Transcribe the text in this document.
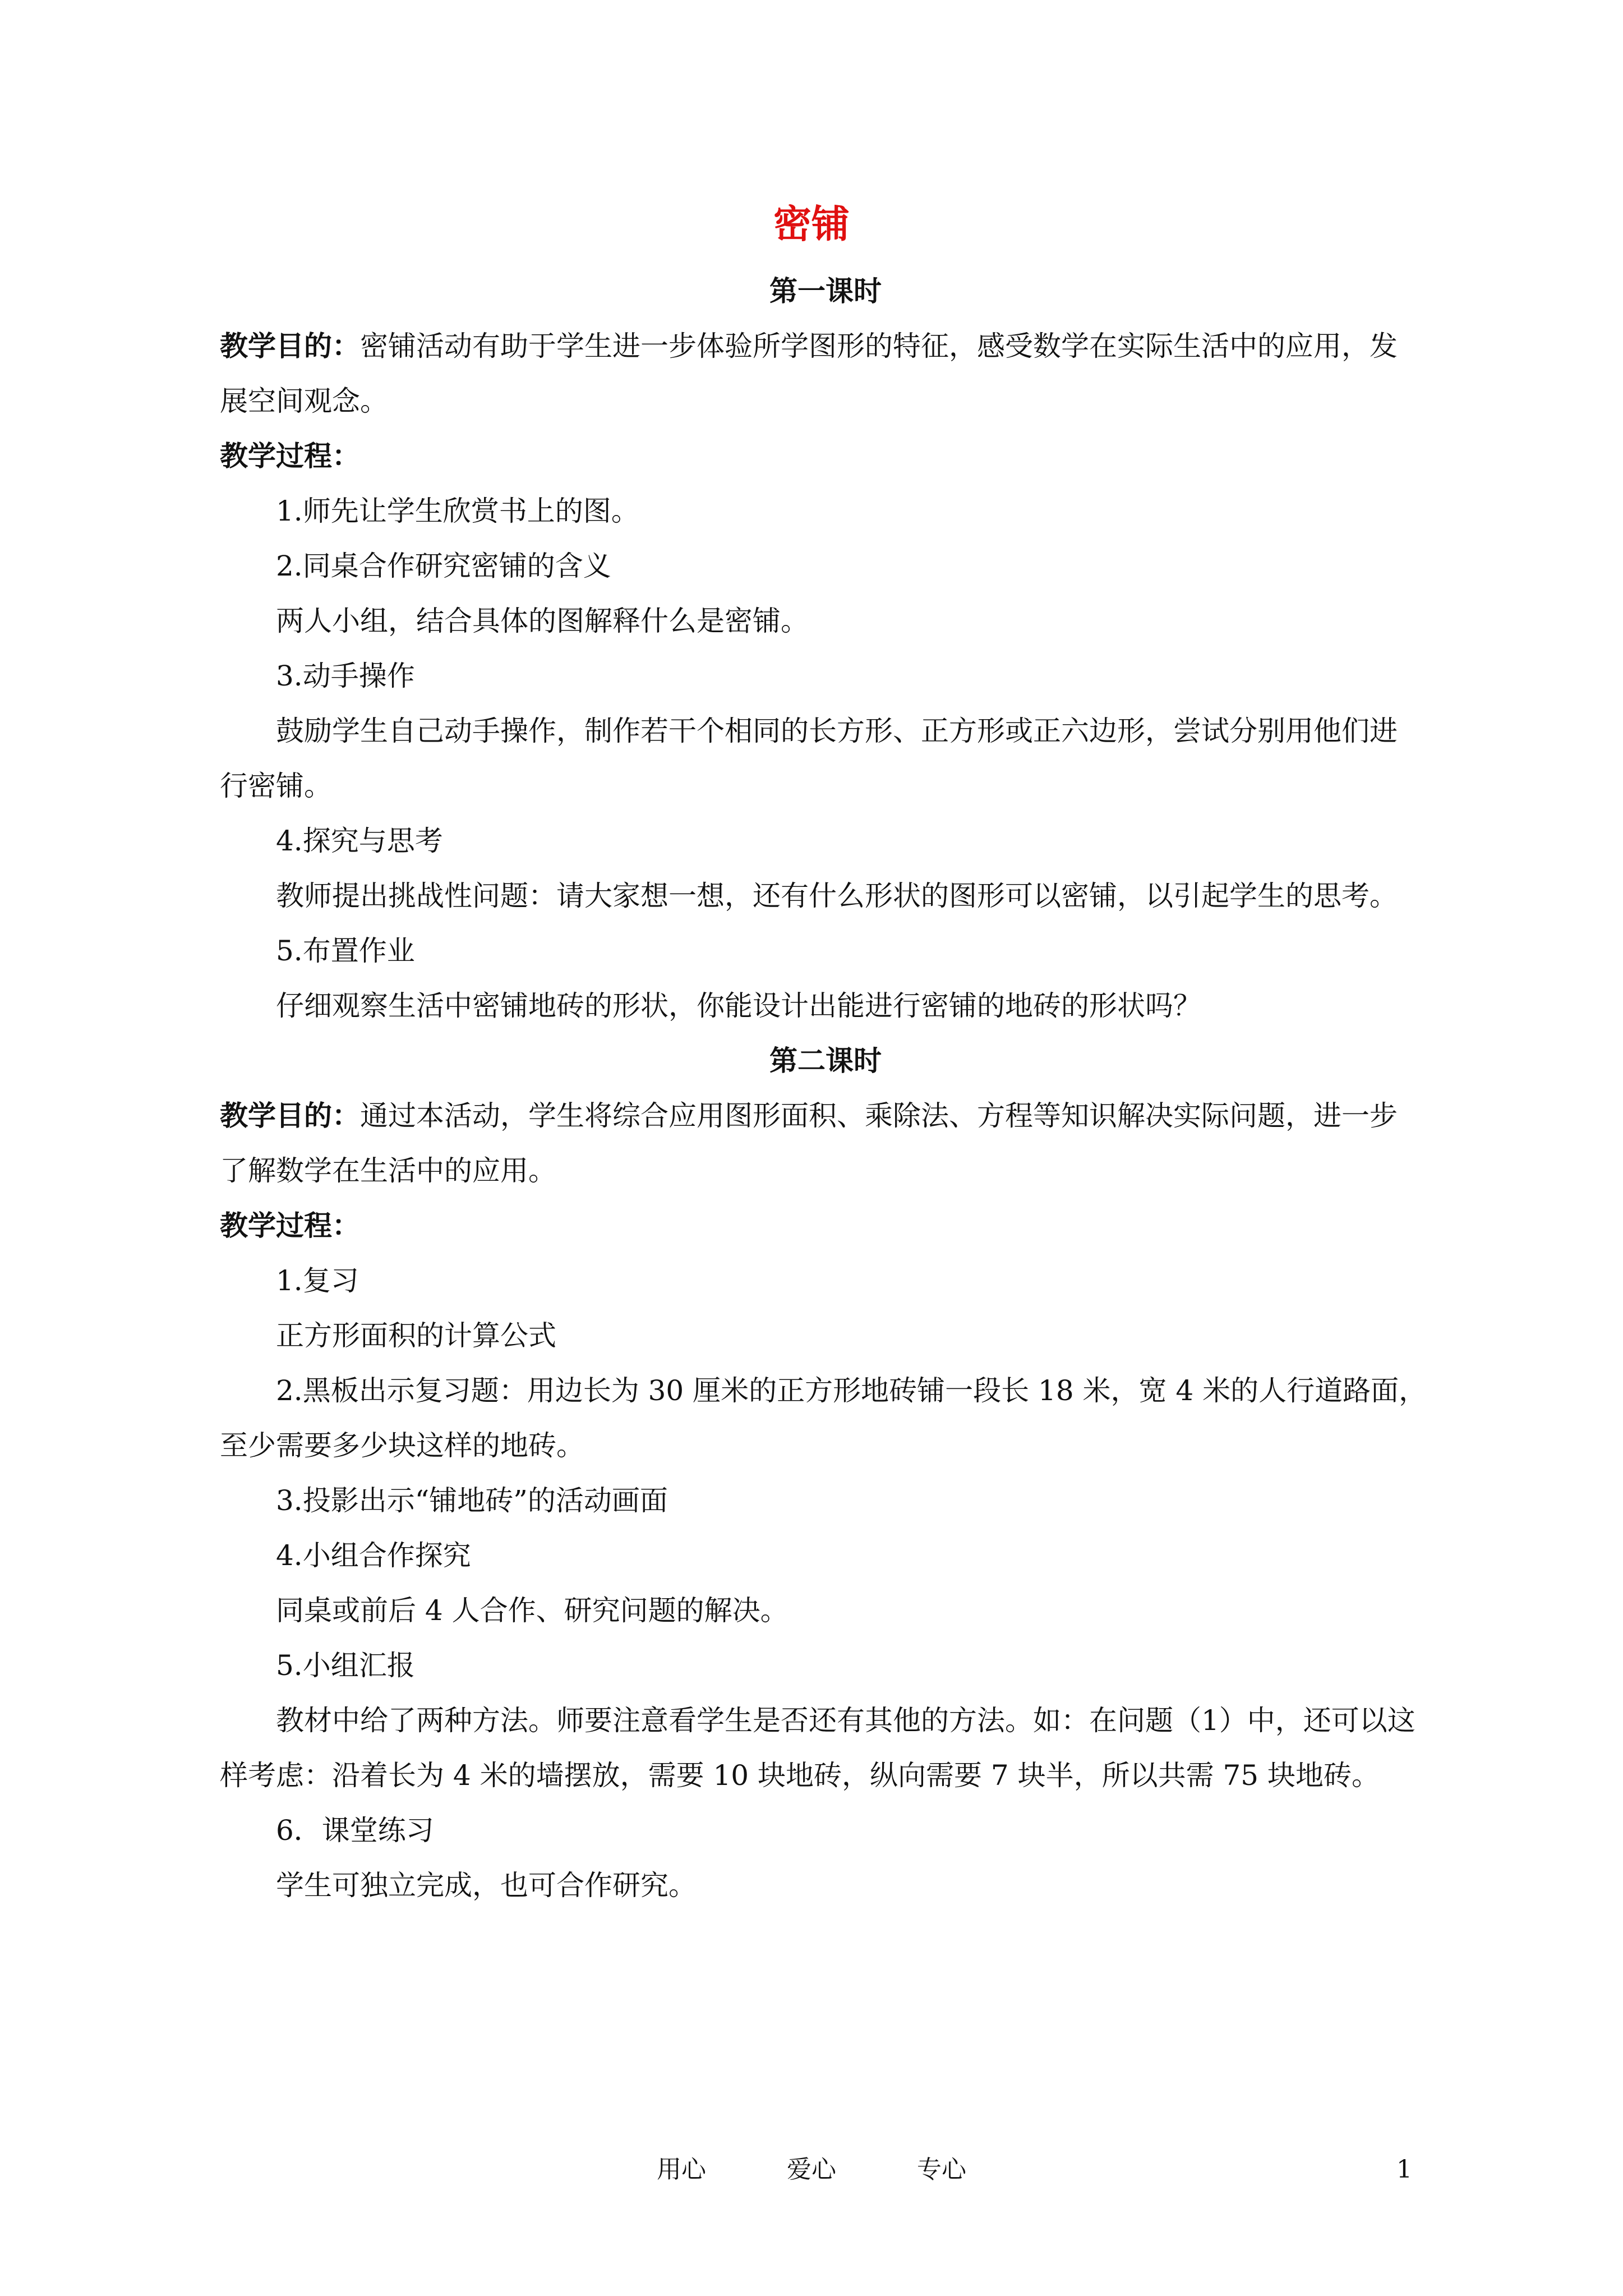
密铺

第一课时

教学目的：密铺活动有助于学生进一步体验所学图形的特征，感受数学在实际生活中的应用，发

展空间观念。

教学过程：

1.师先让学生欣赏书上的图。

2.同桌合作研究密铺的含义

两人小组，结合具体的图解释什么是密铺。

3.动手操作

鼓励学生自己动手操作，制作若干个相同的长方形、正方形或正六边形，尝试分别用他们进

行密铺。

4.探究与思考

教师提出挑战性问题：请大家想一想，还有什么形状的图形可以密铺，以引起学生的思考。

5.布置作业

仔细观察生活中密铺地砖的形状，你能设计出能进行密铺的地砖的形状吗？

第二课时

教学目的：通过本活动，学生将综合应用图形面积、乘除法、方程等知识解决实际问题，进一步

了解数学在生活中的应用。

教学过程：

1.复习

正方形面积的计算公式

2.黑板出示复习题：用边长为 30 厘米的正方形地砖铺一段长 18 米，宽 4 米的人行道路面，

至少需要多少块这样的地砖。

3.投影出示“铺地砖”的活动画面

4.小组合作探究

同桌或前后 4 人合作、研究问题的解决。

5.小组汇报

教材中给了两种方法。师要注意看学生是否还有其他的方法。如：在问题（1）中，还可以这

样考虑：沿着长为 4 米的墙摆放，需要 10 块地砖，纵向需要 7 块半，所以共需 75 块地砖。

6．课堂练习

学生可独立完成，也可合作研究。

用心 爱心 专心	1
